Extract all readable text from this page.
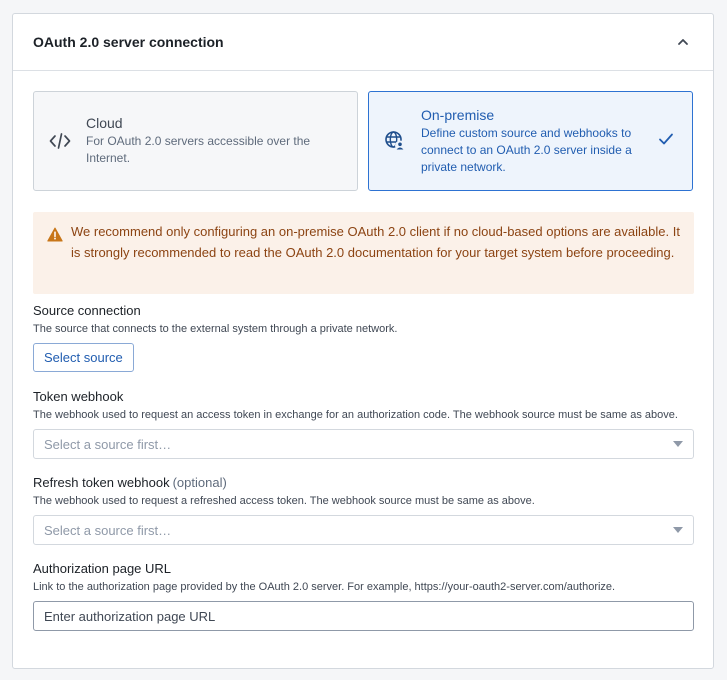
OAuth 2.0 server connection
Cloud
For OAuth 2.0 servers accessible over the Internet.
On-premise
Define custom source and webhooks to connect to an OAuth 2.0 server inside a private network.
We recommend only configuring an on-premise OAuth 2.0 client if no cloud-based options are available. It is strongly recommended to read the OAuth 2.0 documentation for your target system before proceeding.
Source connection
The source that connects to the external system through a private network.
Select source
Token webhook
The webhook used to request an access token in exchange for an authorization code. The webhook source must be same as above.
Select a source first…
Refresh token webhook (optional)
The webhook used to request a refreshed access token. The webhook source must be same as above.
Select a source first…
Authorization page URL
Link to the authorization page provided by the OAuth 2.0 server. For example, https://your-oauth2-server.com/authorize.
Enter authorization page URL
